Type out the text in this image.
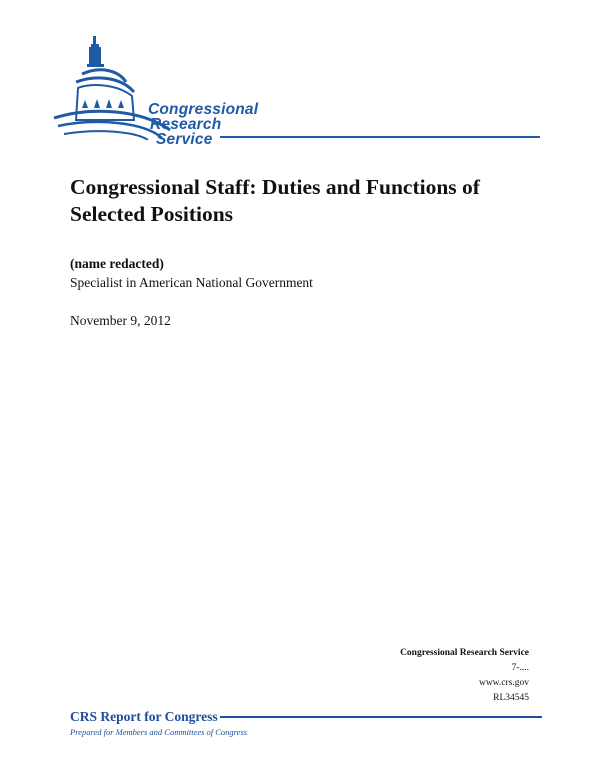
Congressional
Research
Service
Congressional Staff: Duties and Functions of Selected Positions
(name redacted)
Specialist in American National Government
November 9, 2012
Congressional Research Service
7-....
www.crs.gov
RL34545
CRS Report for Congress
Prepared for Members and Committees of Congress
